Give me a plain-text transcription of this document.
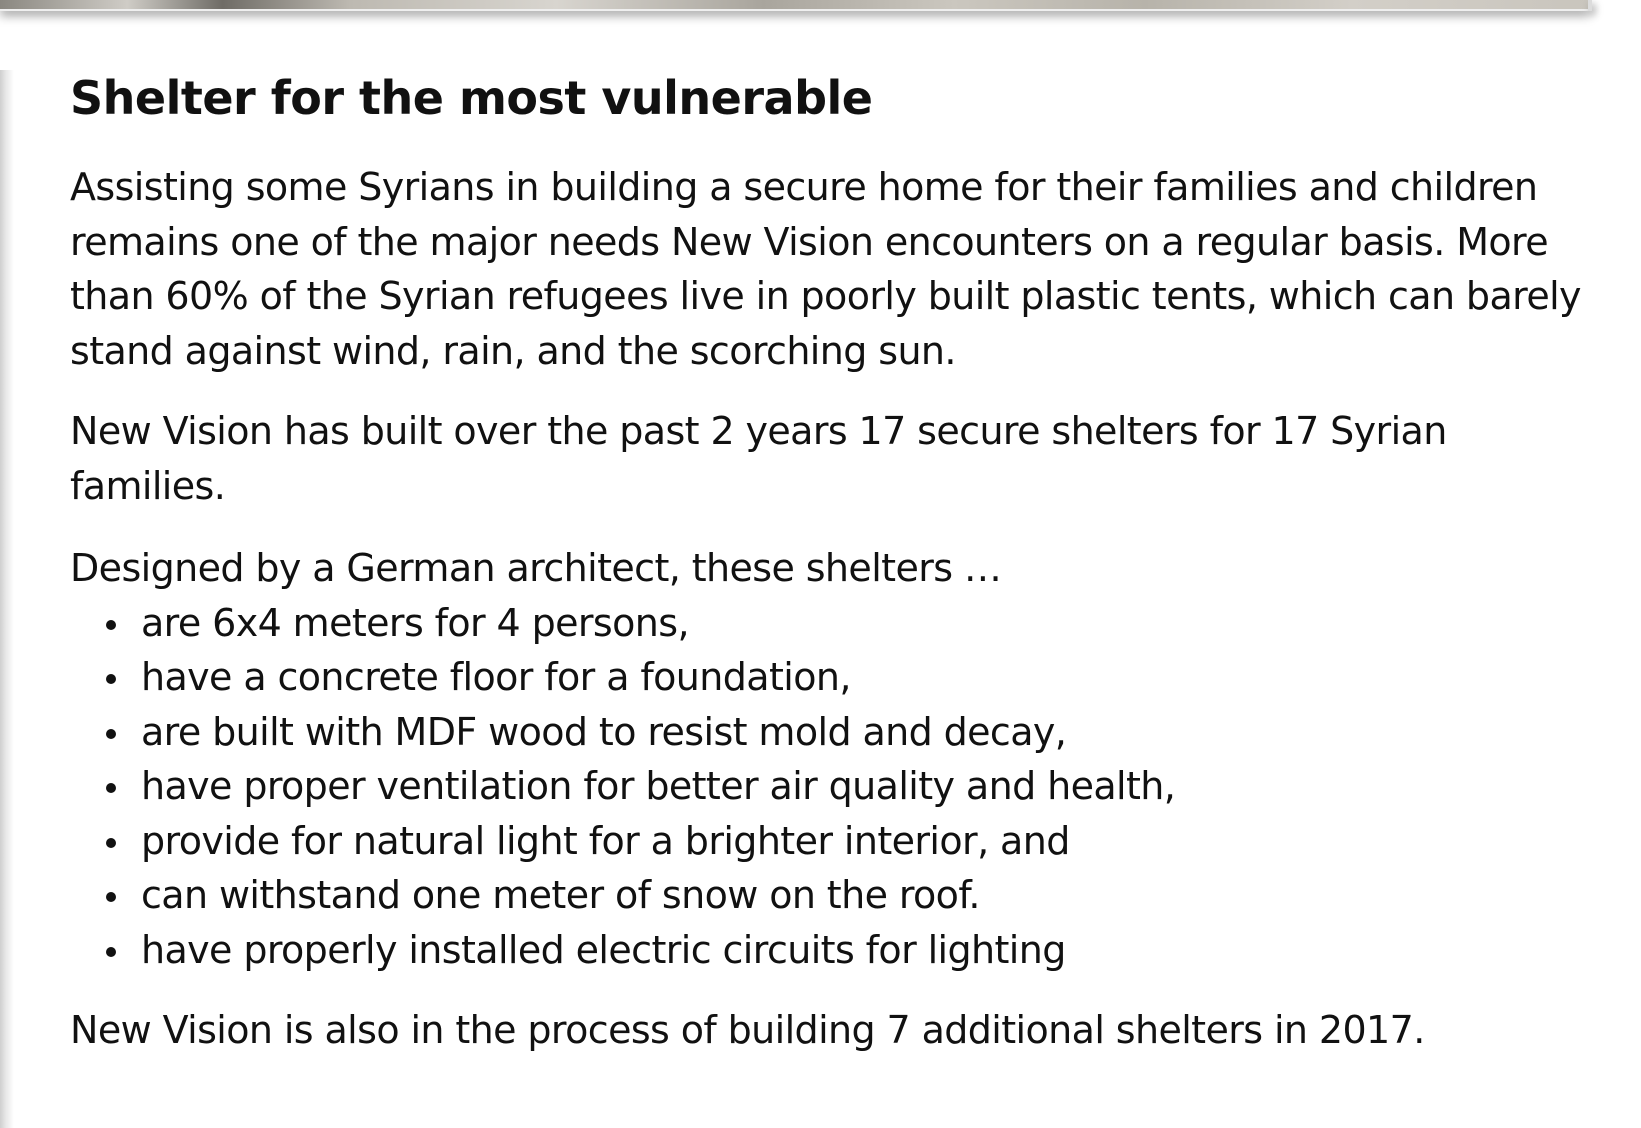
Shelter for the most vulnerable

Assisting some Syrians in building a secure home for their families and children remains one of the major needs New Vision encounters on a regular basis. More than 60% of the Syrian refugees live in poorly built plastic tents, which can barely stand against wind, rain, and the scorching sun.

New Vision has built over the past 2 years 17 secure shelters for 17 Syrian families.

Designed by a German architect, these shelters …

are 6x4 meters for 4 persons,
have a concrete floor for a foundation,
are built with MDF wood to resist mold and decay,
have proper ventilation for better air quality and health,
provide for natural light for a brighter interior, and
can withstand one meter of snow on the roof.
have properly installed electric circuits for lighting

New Vision is also in the process of building 7 additional shelters in 2017.
